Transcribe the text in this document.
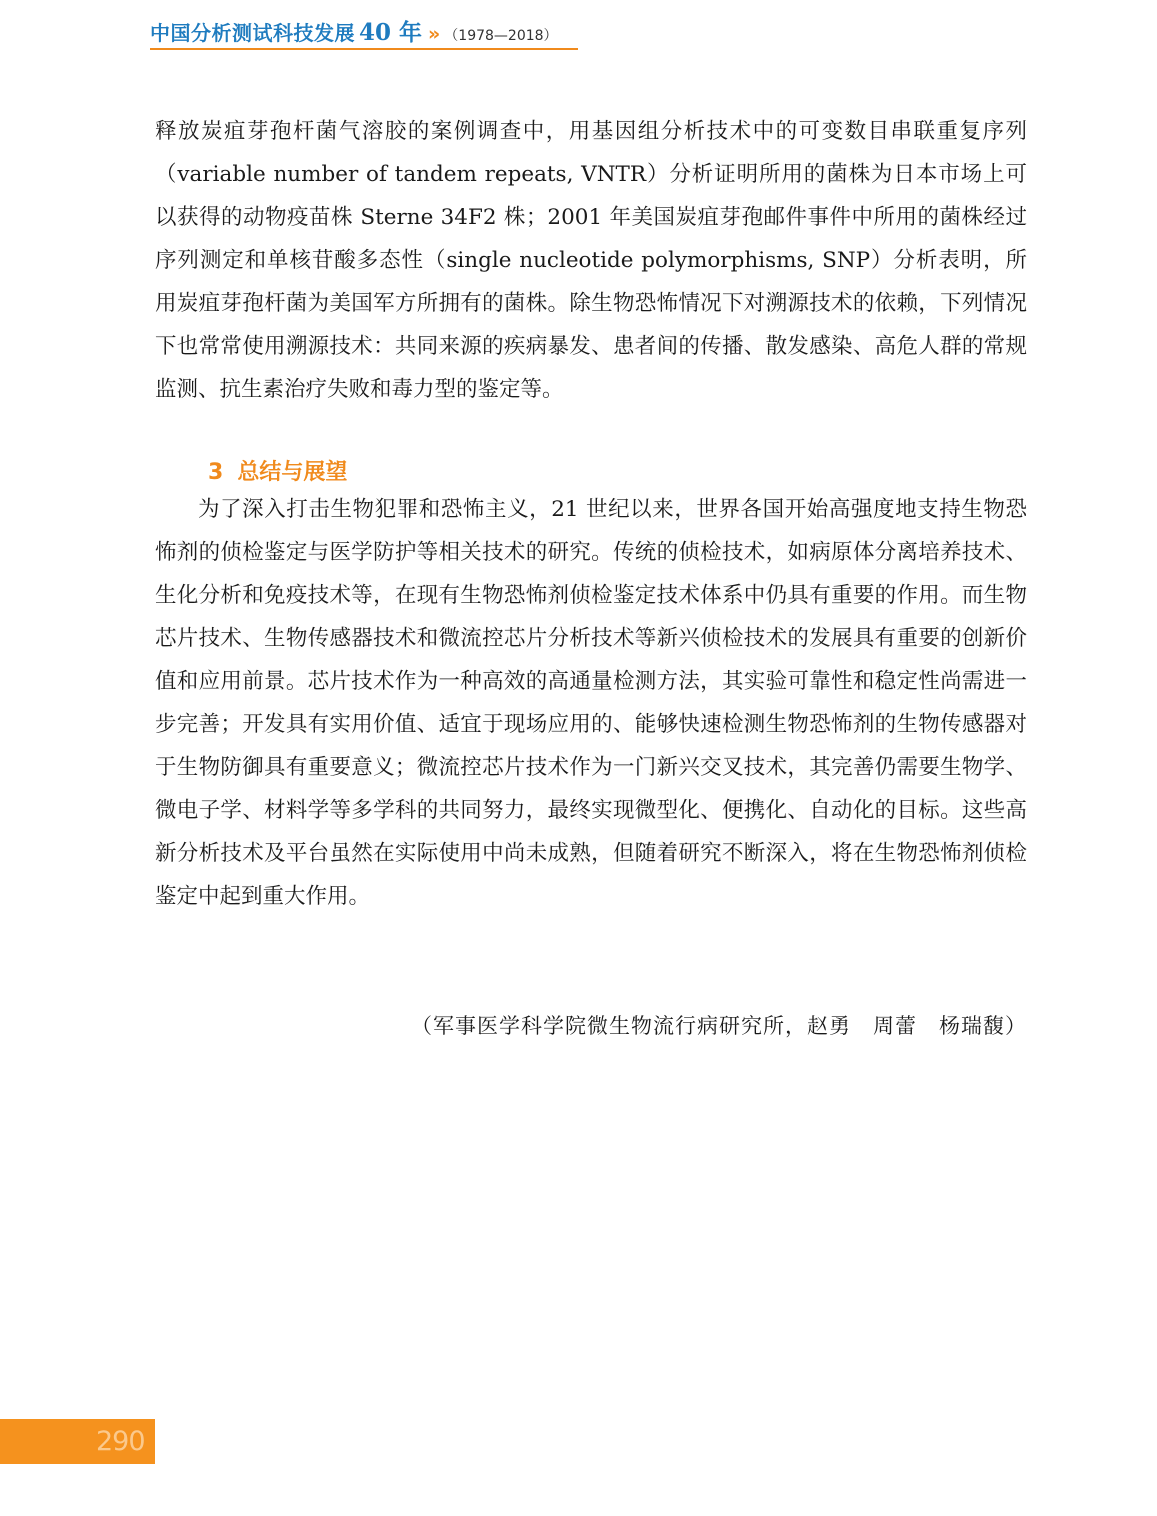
中国分析测试科技发展 40 年 » （1978—2018）
释放炭疽芽孢杆菌气溶胶的案例调查中，用基因组分析技术中的可变数目串联重复序列（variable number of tandem repeats, VNTR）分析证明所用的菌株为日本市场上可以获得的动物疫苗株 Sterne 34F2 株；2001 年美国炭疽芽孢邮件事件中所用的菌株经过序列测定和单核苷酸多态性（single nucleotide polymorphisms, SNP）分析表明，所用炭疽芽孢杆菌为美国军方所拥有的菌株。除生物恐怖情况下对溯源技术的依赖，下列情况下也常常使用溯源技术：共同来源的疾病暴发、患者间的传播、散发感染、高危人群的常规监测、抗生素治疗失败和毒力型的鉴定等。
3 总结与展望
为了深入打击生物犯罪和恐怖主义，21 世纪以来，世界各国开始高强度地支持生物恐怖剂的侦检鉴定与医学防护等相关技术的研究。传统的侦检技术，如病原体分离培养技术、生化分析和免疫技术等，在现有生物恐怖剂侦检鉴定技术体系中仍具有重要的作用。而生物芯片技术、生物传感器技术和微流控芯片分析技术等新兴侦检技术的发展具有重要的创新价值和应用前景。芯片技术作为一种高效的高通量检测方法，其实验可靠性和稳定性尚需进一步完善；开发具有实用价值、适宜于现场应用的、能够快速检测生物恐怖剂的生物传感器对于生物防御具有重要意义；微流控芯片技术作为一门新兴交叉技术，其完善仍需要生物学、微电子学、材料学等多学科的共同努力，最终实现微型化、便携化、自动化的目标。这些高新分析技术及平台虽然在实际使用中尚未成熟，但随着研究不断深入，将在生物恐怖剂侦检鉴定中起到重大作用。
（军事医学科学院微生物流行病研究所，赵勇　周蕾　杨瑞馥）
290
